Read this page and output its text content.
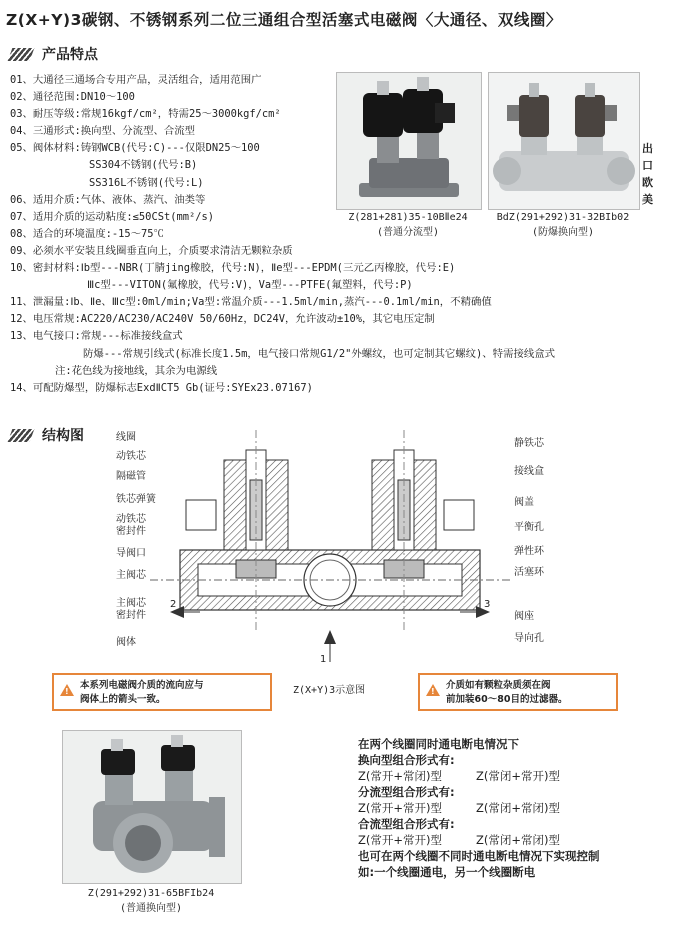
Z(X+Y)3碳钢、不锈钢系列二位三通组合型活塞式电磁阀〈大通径、双线圈〉
产品特点
01、大通径三通场合专用产品，灵活组合，适用范围广
02、通径范围:DN10～100
03、耐压等级:常规16kgf/cm²，特需25～3000kgf/cm²
04、三通形式:换向型、分流型、合流型
05、阀体材料:铸钢WCB(代号:C)---仅限DN25～100
SS304不锈钢(代号:B)
SS316L不锈钢(代号:L)
06、适用介质:气体、液体、蒸汽、油类等
07、适用介质的运动粘度:≤50CSt(mm²/s)
08、适合的环境温度:-15～75℃
09、必须水平安装且线圈垂直向上，介质要求清洁无颗粒杂质
10、密封材料:Ⅰb型---NBR(丁腈jing橡胶，代号:N)，Ⅱe型---EPDM(三元乙丙橡胶，代号:E)
Ⅲc型---VITON(氟橡胶，代号:V)，Va型---PTFE(氟塑料，代号:P)
11、泄漏量:Ⅰb、Ⅱe、Ⅲc型:0ml/min;Va型:常温介质---1.5ml/min,蒸汽---0.1ml/min，不精确值
12、电压常规:AC220/AC230/AC240V 50/60Hz，DC24V，允许波动±10%，其它电压定制
13、电气接口:常规---标准接线盒式
防爆---常规引线式(标准长度1.5m，电气接口常规G1/2"外螺纹，也可定制其它螺纹)、特需接线盒式
注:花色线为接地线，其余为电源线
14、可配防爆型，防爆标志ExdⅡCT5 Gb(证号:SYEx23.07167)
Z(281+281)35-10BⅡe24
(普通分流型)
BdZ(291+292)31-32BIb02
(防爆换向型)
出
口
欧
美
结构图
2	3
1
线圈
动铁芯
隔磁管
铁芯弹簧
动铁芯
密封件
导阀口
主阀芯
主阀芯
密封件
阀体
静铁芯
接线盒
阀盖
平衡孔
弹性环
活塞环
阀座
导向孔
Z(X+Y)3示意图
!
本系列电磁阀介质的流向应与
阀体上的箭头一致。
!
介质如有颗粒杂质须在阀
前加装60～80目的过滤器。
Z(291+292)31-65BFIb24
(普通换向型)
在两个线圈同时通电断电情况下
换向型组合形式有:
Z(常开+常闭)型	Z(常闭+常开)型
分流型组合形式有:
Z(常开+常开)型	Z(常闭+常闭)型
合流型组合形式有:
Z(常开+常开)型	Z(常闭+常闭)型
也可在两个线圈不同时通电断电情况下实现控制
如:一个线圈通电，另一个线圈断电
